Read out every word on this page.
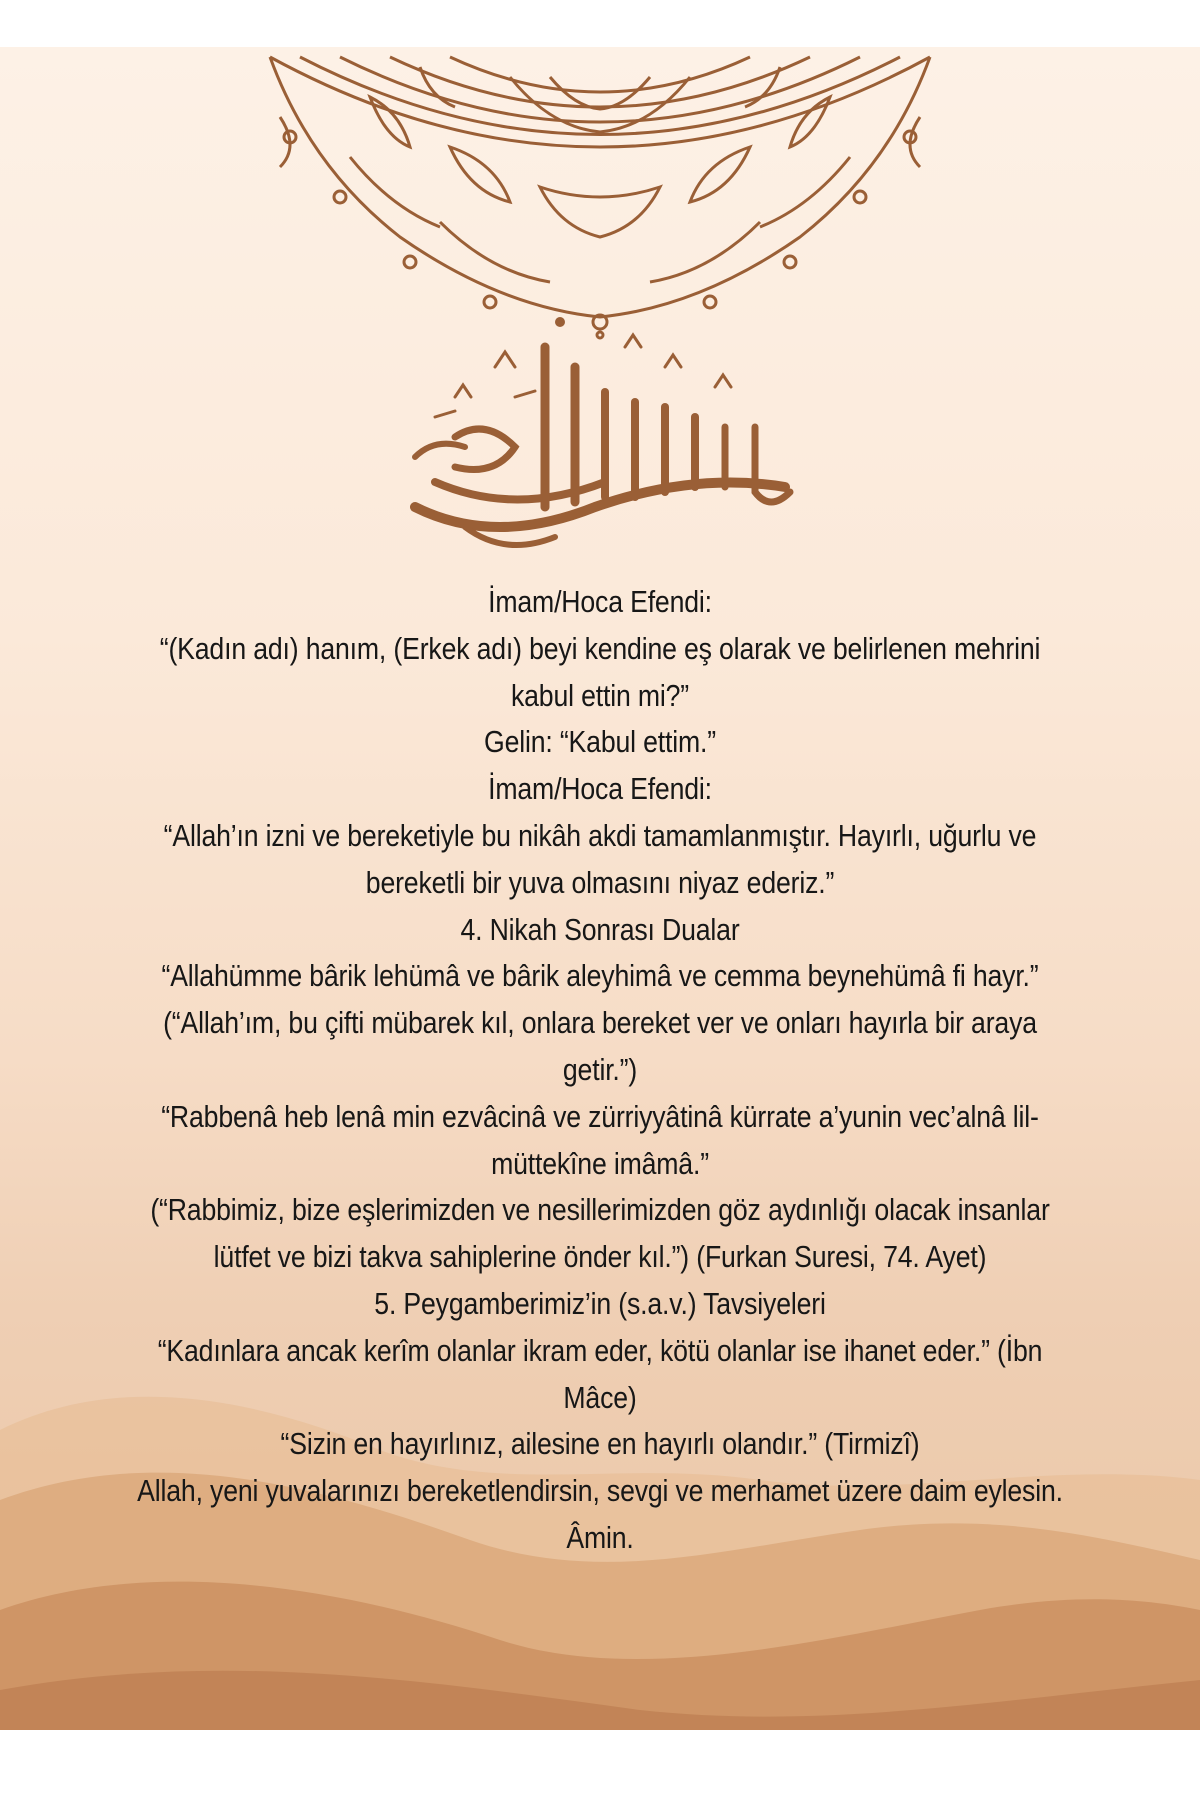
İmam/Hoca Efendi:

“(Kadın adı) hanım, (Erkek adı) beyi kendine eş olarak ve belirlenen mehrini kabul ettin mi?”

Gelin: “Kabul ettim.”

İmam/Hoca Efendi:

“Allah’ın izni ve bereketiyle bu nikâh akdi tamamlanmıştır. Hayırlı, uğurlu ve bereketli bir yuva olmasını niyaz ederiz.”

4. Nikah Sonrası Dualar

“Allahümme bârik lehümâ ve bârik aleyhimâ ve cemma beynehümâ fi hayr.”

(“Allah’ım, bu çifti mübarek kıl, onlara bereket ver ve onları hayırla bir araya getir.”)

“Rabbenâ heb lenâ min ezvâcinâ ve zürriyyâtinâ kürrate a’yunin vec’alnâ lil-müttekîne imâmâ.”

(“Rabbimiz, bize eşlerimizden ve nesillerimizden göz aydınlığı olacak insanlar lütfet ve bizi takva sahiplerine önder kıl.”) (Furkan Suresi, 74. Ayet)

5. Peygamberimiz’in (s.a.v.) Tavsiyeleri

“Kadınlara ancak kerîm olanlar ikram eder, kötü olanlar ise ihanet eder.” (İbn Mâce)

“Sizin en hayırlınız, ailesine en hayırlı olandır.” (Tirmizî)

Allah, yeni yuvalarınızı bereketlendirsin, sevgi ve merhamet üzere daim eylesin. Âmin.
